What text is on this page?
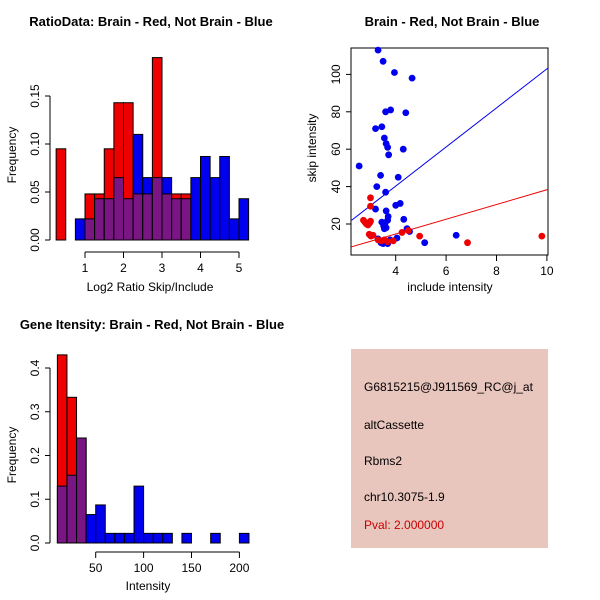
RatioData: Brain - Red, Not Brain - Blue
0.00
0.05
0.10
0.15
1	2	3	4	5
Log2 Ratio Skip/Include
Frequency
Brain - Red, Not Brain - Blue
20
40
60
80
100
4	6	8	10
include intensity
skip intensity
Gene Itensity: Brain - Red, Not Brain - Blue
0.0
0.1
0.2
0.3
0.4
50	100 150 200
Intensity
Frequency
G6815215@J911569_RC@j_at
altCassette
Rbms2
chr10.3075-1.9
Pval: 2.000000
